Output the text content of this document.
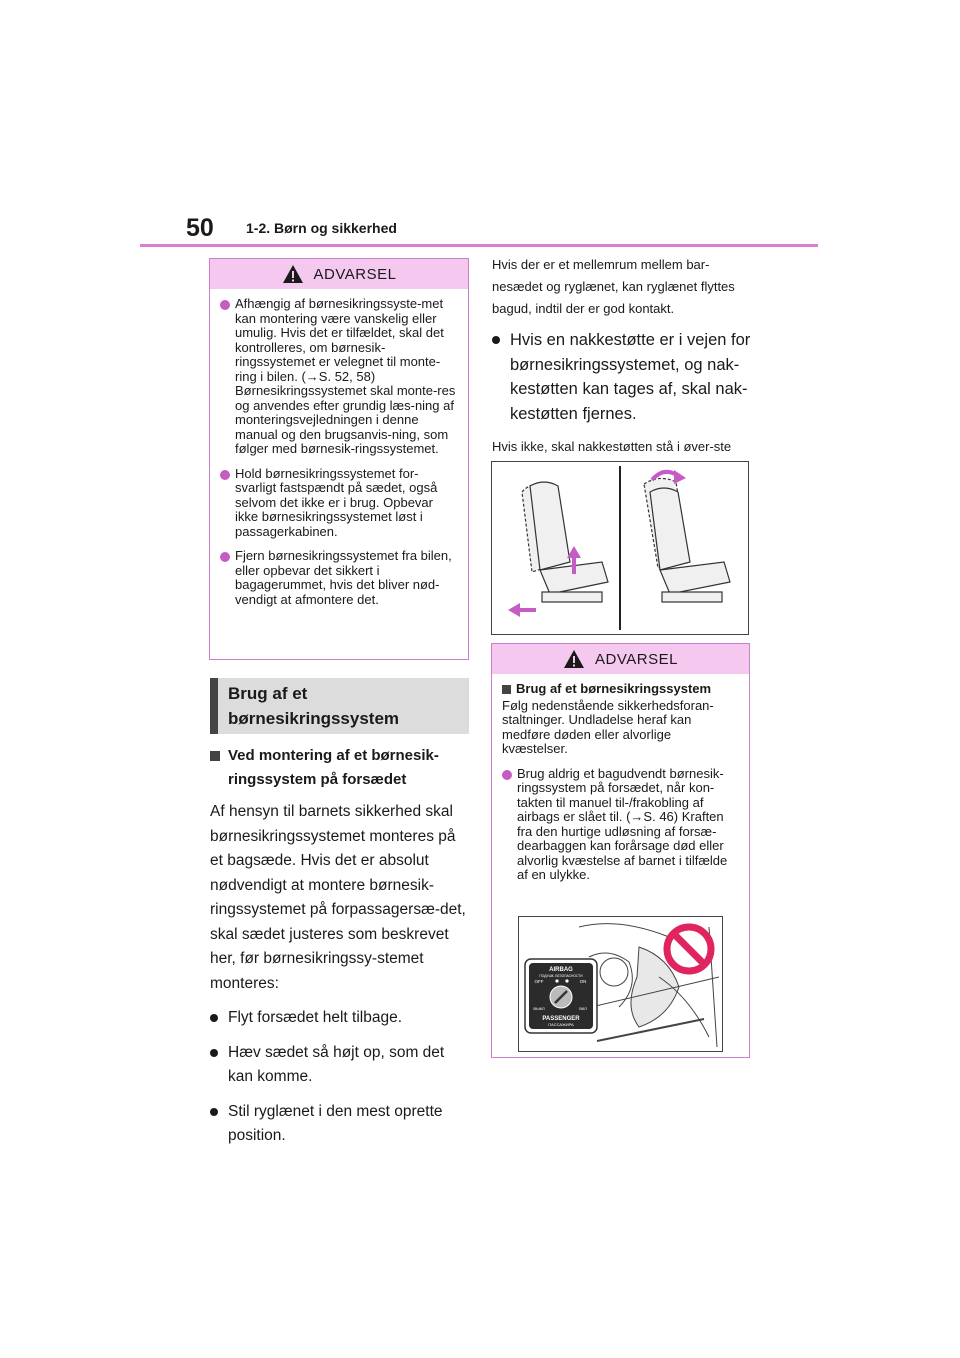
50 1-2. Børn og sikkerhed
ADVARSEL
Afhængig af børnesikringssyste-met kan montering være vanskelig eller umulig. Hvis det er tilfældet, skal det kontrolleres, om børnesik-ringssystemet er velegnet til monte-ring i bilen. (→S. 52, 58) Børnesikringssystemet skal monte-res og anvendes efter grundig læs-ning af monteringsvejledningen i denne manual og den brugsanvis-ning, som følger med børnesik-ringssystemet.
Hold børnesikringssystemet for-svarligt fastspændt på sædet, også selvom det ikke er i brug. Opbevar ikke børnesikringssystemet løst i passagerkabinen.
Fjern børnesikringssystemet fra bilen, eller opbevar det sikkert i bagagerummet, hvis det bliver nød-vendigt at afmontere det.
Brug af et
børnesikringssystem
Ved montering af et børnesik-ringssystem på forsædet
Af hensyn til barnets sikkerhed skal børnesikringssystemet monteres på et bagsæde. Hvis det er absolut nødvendigt at montere børnesik-ringssystemet på forpassagersæ-det, skal sædet justeres som beskrevet her, før børnesikringssy-stemet monteres:
Flyt forsædet helt tilbage.
Hæv sædet så højt op, som det kan komme.
Stil ryglænet i den mest oprette position.
Hvis der er et mellemrum mellem bar-nesædet og ryglænet, kan ryglænet flyttes bagud, indtil der er god kontakt.
Hvis en nakkestøtte er i vejen for børnesikringssystemet, og nak-kestøtten kan tages af, skal nak-kestøtten fjernes.
Hvis ikke, skal nakkestøtten stå i øver-ste
ADVARSEL
Brug af et børnesikringssystem
Følg nedenstående sikkerhedsforan-staltninger. Undladelse heraf kan medføre døden eller alvorlige kvæstelser.
Brug aldrig et bagudvendt børnesik-ringssystem på forsædet, når kon-takten til manuel til-/frakobling af airbags er slået til. (→S. 46) Kraften fra den hurtige udløsning af forsæ-dearbaggen kan forårsage død eller alvorlig kvæstelse af barnet i tilfælde af en ulykke.
AIRBAG
ПОДУШК. БЕЗОПАСНОСТИ
OFF	ON
ВЫКЛ	ВКЛ
PASSENGER
ПАССАЖИРА
